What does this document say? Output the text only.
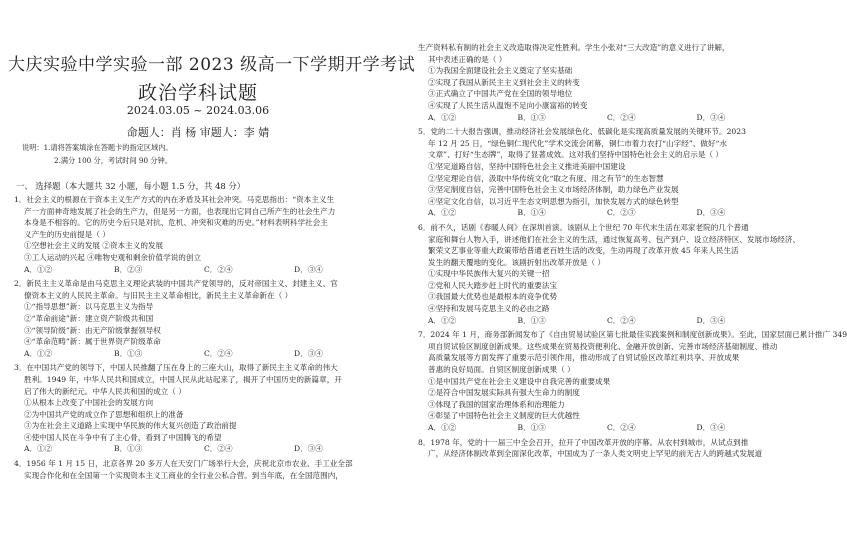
大庆实验中学实验一部 2023 级高一下学期开学考试
政治学科试题
2024.03.05 ~ 2024.03.06
命题人：肖 杨 审题人：李 婧
说明：1.请将答案填涂在答题卡的指定区域内。
2.满分 100 分，考试时间 90 分钟。
一、 选择题（本大题共 32 小题，每小题 1.5 分，共 48 分）
1．社会主义的根源在于资本主义生产方式的内在矛盾及其社会冲突。马克思指出：“资本主义生
产一方面神奇地发展了社会的生产力，但是另一方面，也表现出它同自己所产生的社会生产力
本身是不相容的。它的历史今后只是对抗、危机、冲突和灾难的历史。”材料表明科学社会主
义产生的历史前提是（ ）
①空想社会主义的发展 ②资本主义的发展
③工人运动的兴起 ④唯物史观和剩余价值学说的创立
A．①②	B．②③	C．②④	D．③④
2．新民主主义革命是由马克思主义理论武装的中国共产党领导的，反对帝国主义、封建主义、官
僚资本主义的人民民主革命。与旧民主主义革命相比，新民主主义革命新在（ ）
①“指导思想”新：以马克思主义为指导
②“革命前途”新：建立资产阶级共和国
③“领导阶级”新：由无产阶级掌握领导权
④“革命范畴”新：属于世界资产阶级革命
A．①②	B．①③	C．②④	D．③④
3．在中国共产党的领导下，中国人民推翻了压在身上的三座大山，取得了新民主主义革命的伟大
胜利。1949 年，中华人民共和国成立，中国人民从此站起来了，揭开了中国历史的新篇章，开
启了伟大的新纪元。中华人民共和国的成立（ ）
①从根本上改变了中国社会的发展方向
②为中国共产党的成立作了思想和组织上的准备
③为在社会主义道路上实现中华民族的伟大复兴创造了政治前提
④使中国人民在斗争中有了主心骨，看到了中国腾飞的希望
A．①②	B．①③	C．②④	D．③④
4．1956 年 1 月 15 日，北京各界 20 多万人在天安门广场举行大会，庆祝北京市农业、手工业全部
实现合作化和在全国第一个实现资本主义工商业的全行业公私合营。到当年底，在全国范围内，
生产资料私有制的社会主义改造取得决定性胜利。学生小张对“三大改造”的意义进行了讲解，
其中表述正确的是（ ）
①为我国全面建设社会主义奠定了坚实基础
②实现了我国从新民主主义到社会主义的转变
③正式确立了中国共产党在全国的领导地位
④实现了人民生活从温饱不足向小康富裕的转变
A．①②	B．①③	C．②④	D．③④
5．党的二十大报告强调，推动经济社会发展绿色化、低碳化是实现高质量发展的关键环节。2023
年 12 月 25 日，“绿色铜仁现代化”学术交流会闭幕，铜仁市着力农打“山字经”、做好“水
文章”、打好“生态牌”，取得了显著成效。这对我们坚持中国特色社会主义的启示是（ ）
①坚定道路自信，坚持中国特色社会主义推进美丽中国建设
②坚定理论自信，汲取中华传统文化“取之有度、用之有节”的生态智慧
③坚定制度自信，完善中国特色社会主义市场经济体制，助力绿色产业发展
④坚定文化自信，以习近平生态文明思想为指引，加快发展方式的绿色转型
A．①②	B．①④	C．②③	D．③④
6．前不久，话剧《春暖人间》在深圳首演。该剧从上个世纪 70 年代末生活在邓家老院的几个普通
家庭和舞台人物入手，讲述他们在社会主义的生活，通过恢复高考、包产到户、设立经济特区、发展市场经济、
繁荣文艺事业等重大政策带给普通老百姓生活的改变，生动再现了改革开放 45 年来人民生活
发生的翻天覆地的变化。该剧折射出改革开放是（ ）
①实现中华民族伟大复兴的关键一招
②党和人民大踏步赶上时代的重要法宝
③我国最大优势也是最根本的竞争优势
④坚持和发展马克思主义的必由之路
A．①②	B．①③	C．②④	D．③④
7．2024 年 1 月，商务部新闻发布了《自由贸易试验区第七批最佳实践案例和制度创新成果》。至此，国家层面已累计推广 349
项自贸试验区制度创新成果。这些成果在贸易投资便利化、金融开放创新、完善市场经济基础制度、推动
高质量发展等方面发挥了重要示范引领作用，推动形成了自贸试验区改革红利共享、开放成果
普惠的良好局面。自贸区制度创新成果（ ）
①是中国共产党在社会主义建设中自我完善的重要成果
②是符合中国发展实际具有强大生命力的制度
③体现了我国的国家治理体系和治理能力
④彰显了中国特色社会主义制度的巨大优越性
A．①②	B．①③	C．②④	D．③④
8．1978 年，党的十一届三中全会召开，拉开了中国改革开放的序幕。从农村到城市，从试点到推
广，从经济体制改革到全面深化改革，中国成为了一条人类文明史上罕见的前无古人的跨越式发展道
